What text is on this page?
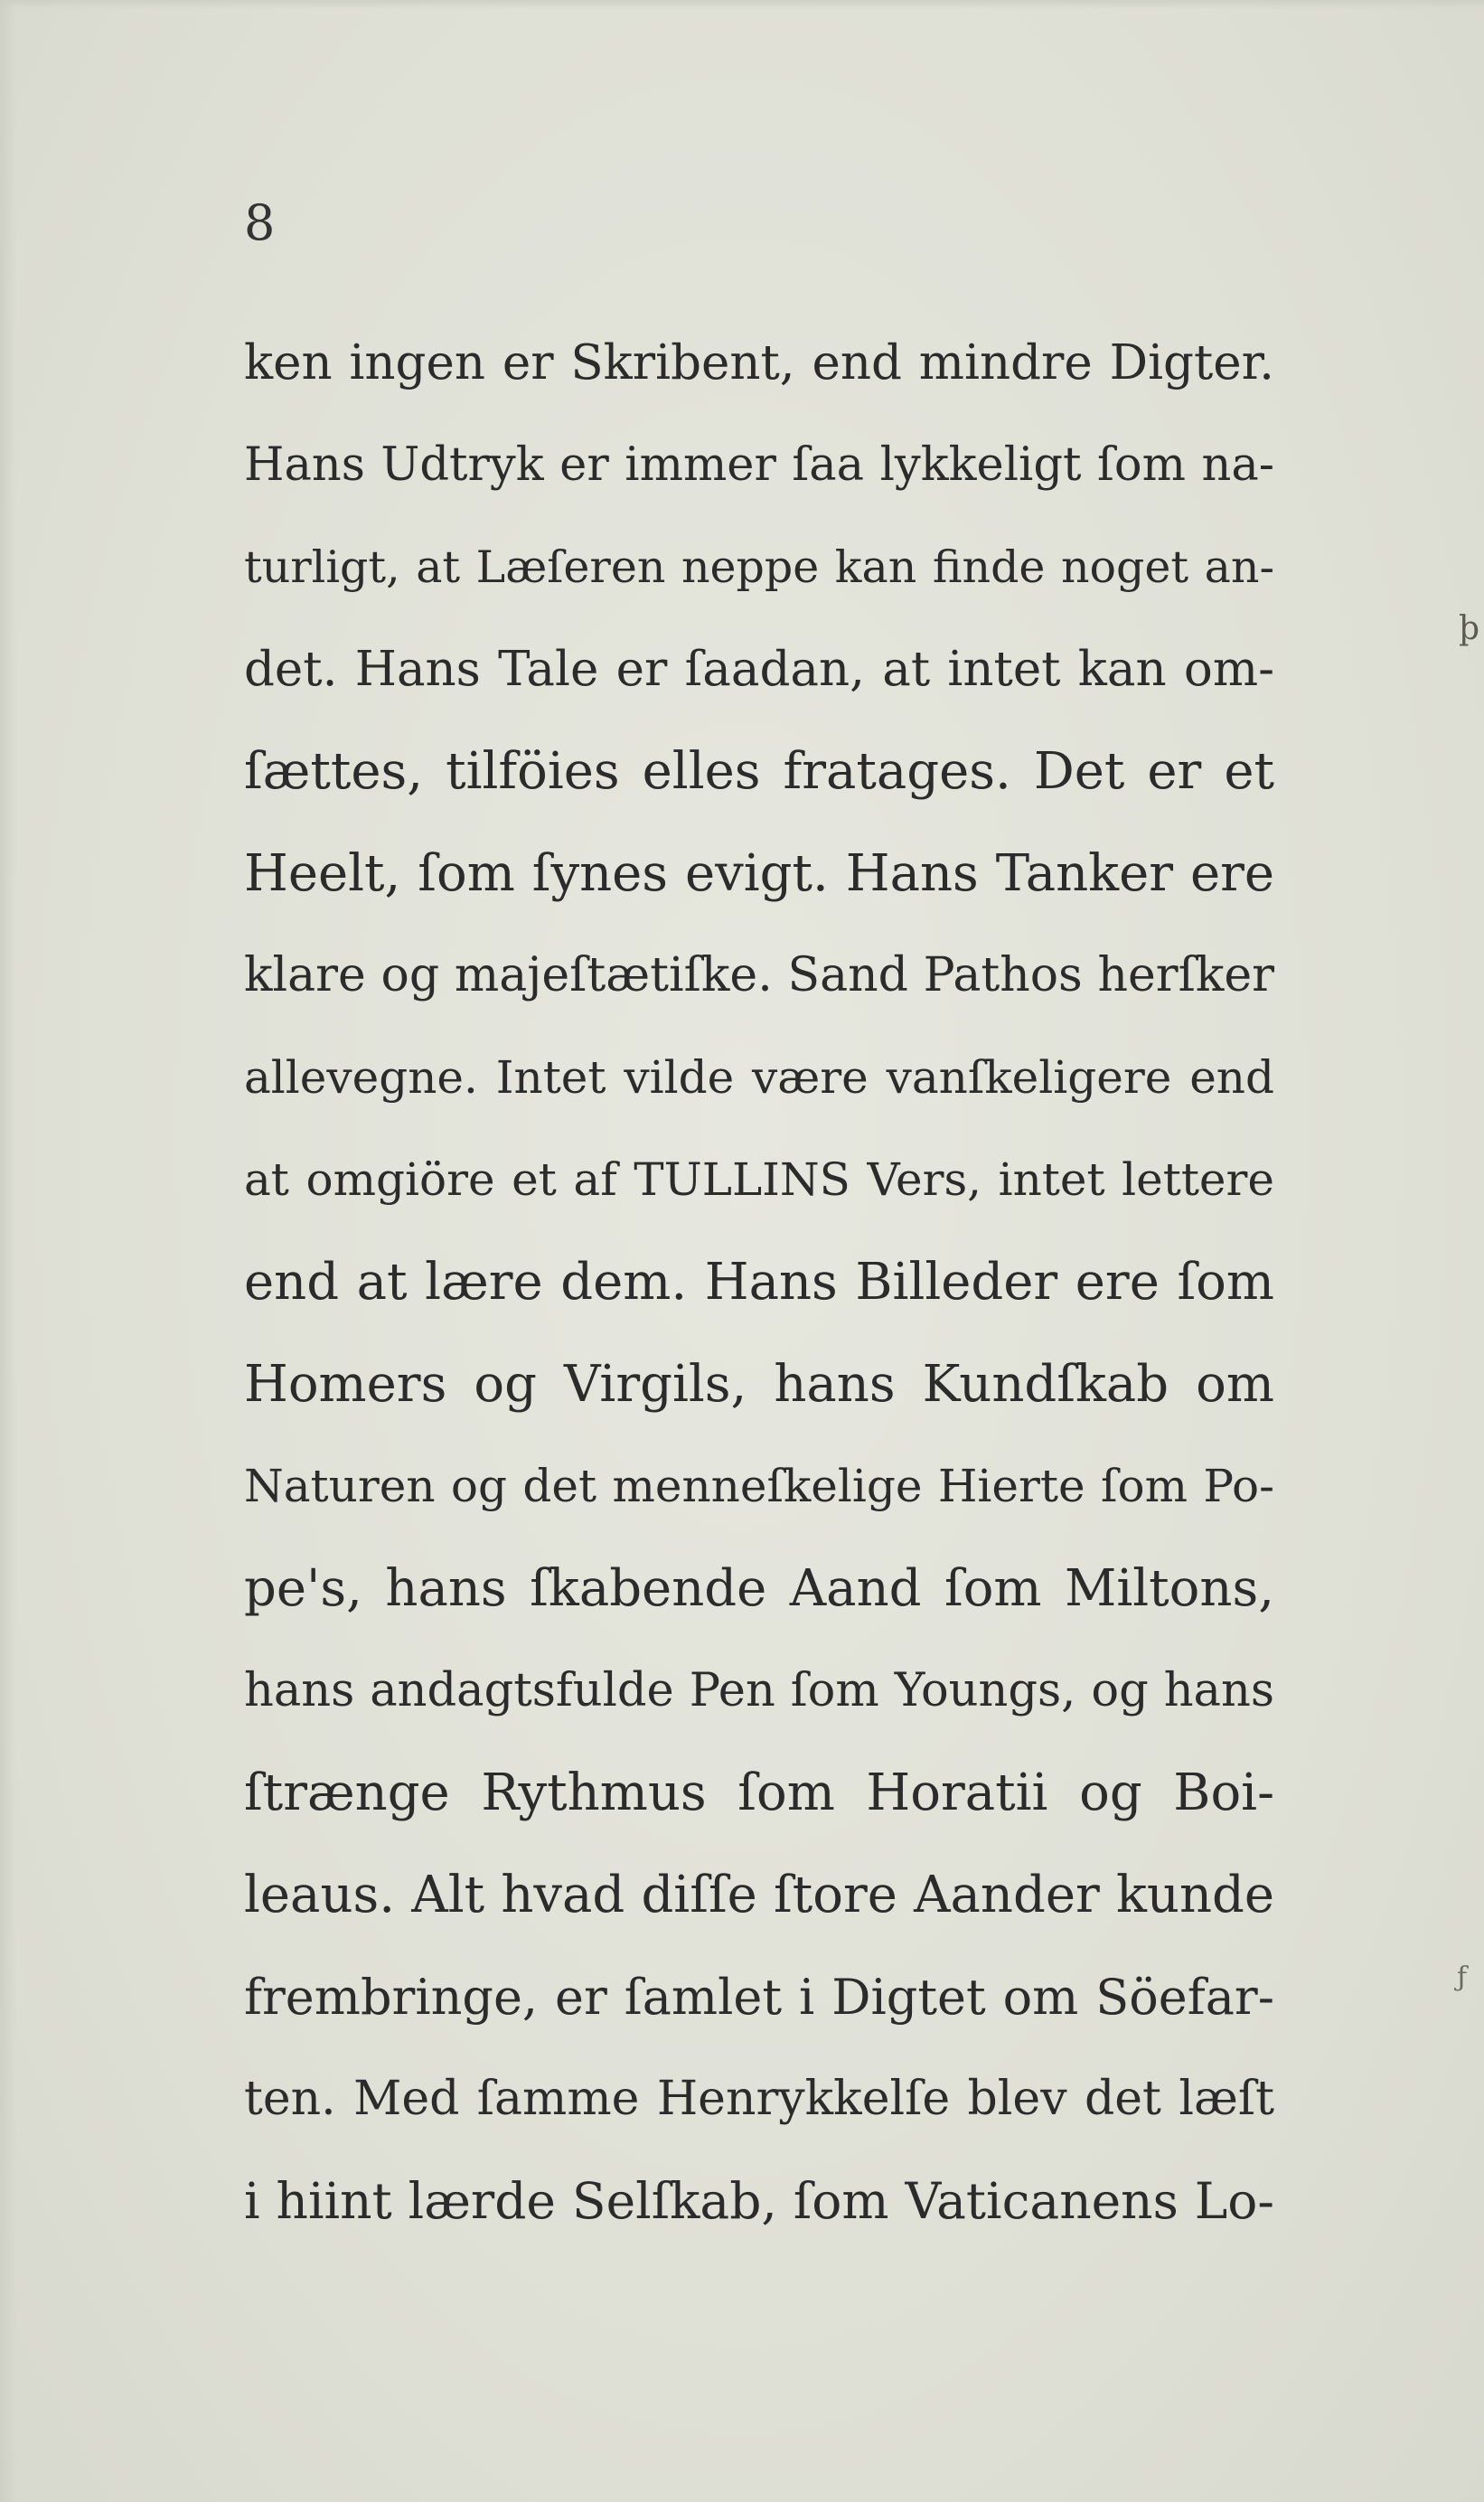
8
ken ingen er Skribent, end mindre Digter.
Hans Udtryk er immer ſaa lykkeligt ſom na-
turligt, at Læſeren neppe kan finde noget an-
det. Hans Tale er ſaadan, at intet kan om-
ſættes, tilföies elles fratages. Det er et
Heelt, ſom ſynes evigt. Hans Tanker ere
klare og majeſtætiſke. Sand Pathos herſker
allevegne. Intet vilde være vanſkeligere end
at omgiöre et af TULLINS Vers, intet lettere
end at lære dem. Hans Billeder ere ſom
Homers og Virgils, hans Kundſkab om
Naturen og det menneſkelige Hierte ſom Po-
pe's, hans ſkabende Aand ſom Miltons,
hans andagtsfulde Pen ſom Youngs, og hans
ſtrænge Rythmus ſom Horatii og Boi-
leaus. Alt hvad diſſe ſtore Aander kunde
frembringe, er ſamlet i Digtet om Söefar-
ten. Med ſamme Henrykkelſe blev det læſt
i hiint lærde Selſkab, ſom Vaticanens Lo-
þ
ƒ
